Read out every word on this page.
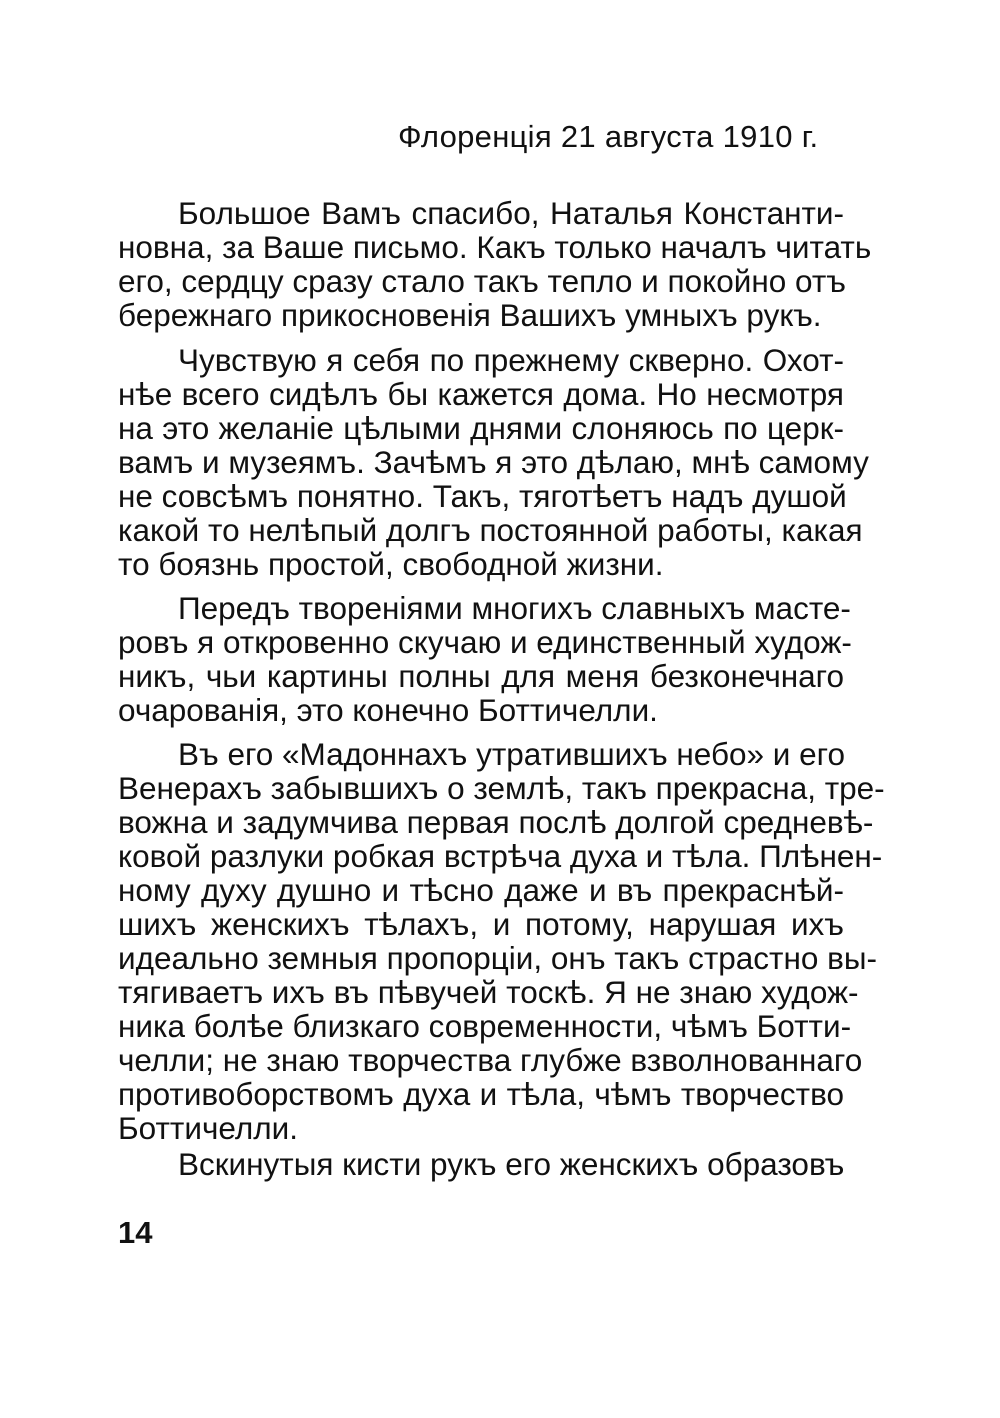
Флоренція 21 августа 1910 г.
Большое Вамъ спасибо, Наталья Константи-
новна, за Ваше письмо. Какъ только началъ читать
его, сердцу сразу стало такъ тепло и покойно отъ
бережнаго прикосновенія Вашихъ умныхъ рукъ.
Чувствую я себя по прежнему скверно. Охот-
нѣе всего сидѣлъ бы кажется дома. Но несмотря
на это желаніе цѣлыми днями слоняюсь по церк-
вамъ и музеямъ. Зачѣмъ я это дѣлаю, мнѣ самому
не совсѣмъ понятно. Такъ, тяготѣетъ надъ душой
какой то нелѣпый долгъ постоянной работы, какая
то боязнь простой, свободной жизни.
Передъ твореніями многихъ славныхъ масте-
ровъ я откровенно скучаю и единственный худож-
никъ, чьи картины полны для меня безконечнаго
очарованія, это конечно Боттичелли.
Въ его «Мадоннахъ утратившихъ небо» и его
Венерахъ забывшихъ о землѣ, такъ прекрасна, тре-
вожна и задумчива первая послѣ долгой средневѣ-
ковой разлуки робкая встрѣча духа и тѣла. Плѣнен-
ному духу душно и тѣсно даже и въ прекраснѣй-
шихъ женскихъ тѣлахъ, и потому, нарушая ихъ
идеально земныя пропорціи, онъ такъ страстно вы-
тягиваетъ ихъ въ пѣвучей тоскѣ. Я не знаю худож-
ника болѣе близкаго современности, чѣмъ Ботти-
челли; не знаю творчества глубже взволнованнаго
противоборствомъ духа и тѣла, чѣмъ творчество
Боттичелли.
Вскинутыя кисти рукъ его женскихъ образовъ
14
